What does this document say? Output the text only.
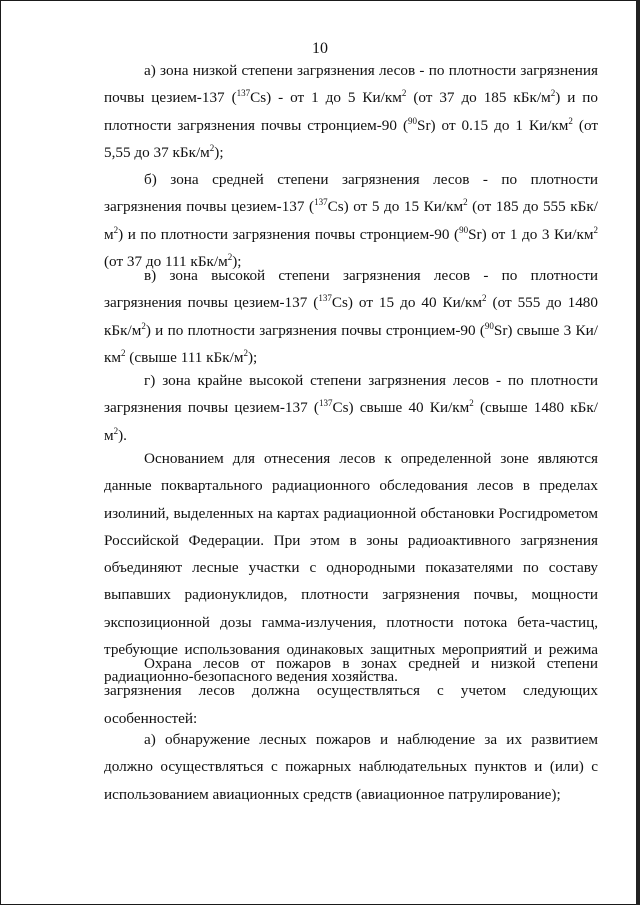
10
а) зона низкой степени загрязнения лесов - по плотности загрязнения почвы цезием-137 ($^{137}$Cs) - от 1 до 5 $Ки/км^2$ (от 37 до 185 кБк/$м^2$) и по плотности загрязнения почвы стронцием-90 ($^{90}$Sr) от 0.15 до 1 $Ки/км^2$ (от 5,55 до 37 кБк/$м^2$);
б) зона средней степени загрязнения лесов - по плотности загрязнения почвы цезием-137 ($^{137}$Cs) от 5 до 15 $Ки/км^2$ (от 185 до 555 кБк/$м^2$) и по плотности загрязнения почвы стронцием-90 ($^{90}$Sr) от 1 до 3 $Ки/км^2$ (от 37 до 111 кБк/$м^2$);
в) зона высокой степени загрязнения лесов - по плотности загрязнения почвы цезием-137 ($^{137}$Cs) от 15 до 40 $Ки/км^2$ (от 555 до 1480 кБк/$м^2$) и по плотности загрязнения почвы стронцием-90 ($^{90}$Sr) свыше 3 $Ки/км^2$ (свыше 111 кБк/$м^2$);
г) зона крайне высокой степени загрязнения лесов - по плотности загрязнения почвы цезием-137 ($^{137}$Cs) свыше 40 $Ки/км^2$ (свыше 1480 кБк/$м^2$).
Основанием для отнесения лесов к определенной зоне являются данные поквартального радиационного обследования лесов в пределах изолиний, выделенных на картах радиационной обстановки Росгидрометом Российской Федерации. При этом в зоны радиоактивного загрязнения объединяют лесные участки с однородными показателями по составу выпавших радионуклидов, плотности загрязнения почвы, мощности экспозиционной дозы гамма-излучения, плотности потока бета-частиц, требующие использования одинаковых защитных мероприятий и режима радиационно-безопасного ведения хозяйства.
Охрана лесов от пожаров в зонах средней и низкой степени загрязнения лесов должна осуществляться с учетом следующих особенностей:
а) обнаружение лесных пожаров и наблюдение за их развитием должно осуществляться с пожарных наблюдательных пунктов и (или) с использованием авиационных средств (авиационное патрулирование);
